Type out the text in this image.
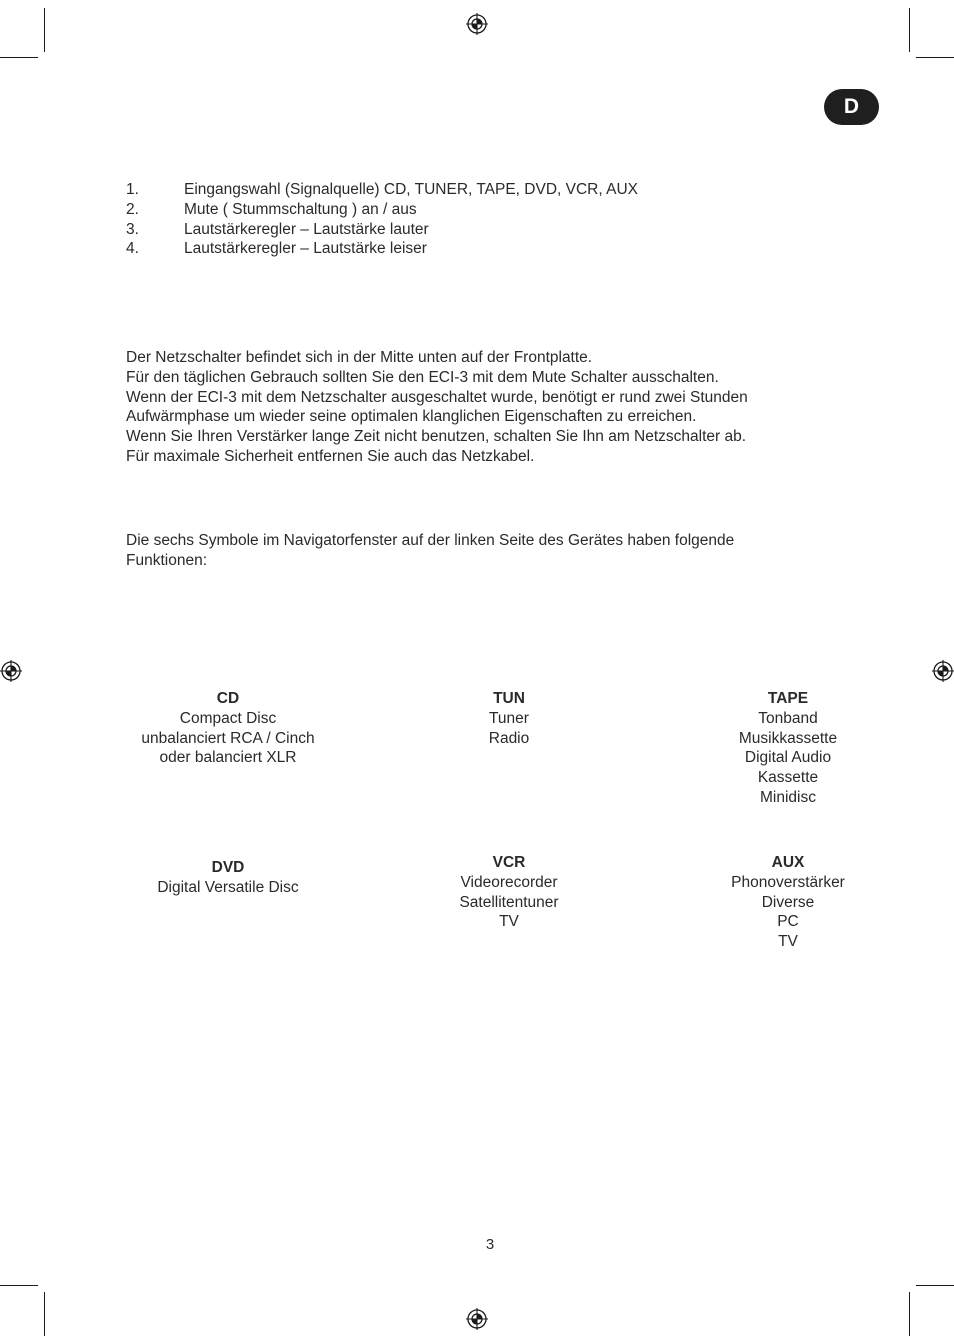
D
1.	Eingangswahl (Signalquelle) CD, TUNER, TAPE, DVD, VCR, AUX
2.	Mute ( Stummschaltung ) an / aus
3.	Lautstärkeregler – Lautstärke lauter
4.	Lautstärkeregler – Lautstärke leiser
Der Netzschalter befindet sich in der Mitte unten auf der Frontplatte.
Für den täglichen Gebrauch sollten Sie den ECI-3 mit dem Mute Schalter ausschalten.
Wenn der ECI-3 mit dem Netzschalter ausgeschaltet wurde, benötigt er rund zwei Stunden
Aufwärmphase um wieder seine optimalen klanglichen Eigenschaften zu erreichen.
Wenn Sie Ihren Verstärker lange Zeit nicht benutzen, schalten Sie Ihn am Netzschalter ab.
Für maximale Sicherheit entfernen Sie auch das Netzkabel.
Die sechs Symbole im Navigatorfenster auf der linken Seite des Gerätes haben folgende
Funktionen:
CD
Compact Disc
unbalanciert RCA / Cinch
oder balanciert XLR
TUN
Tuner
Radio
TAPE
Tonband
Musikkassette
Digital Audio
Kassette
Minidisc
DVD
Digital Versatile Disc
VCR
Videorecorder
Satellitentuner
TV
AUX
Phonoverstärker
Diverse
PC
TV
3
